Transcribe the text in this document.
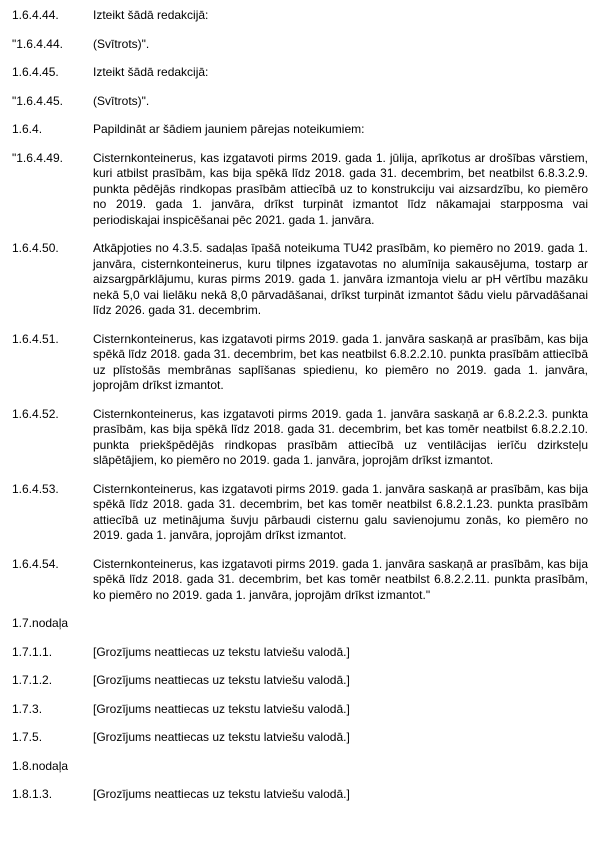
1.6.4.44.	Izteikt šādā redakcijā:
"1.6.4.44.	(Svītrots)".
1.6.4.45.	Izteikt šādā redakcijā:
"1.6.4.45.	(Svītrots)".
1.6.4.	Papildināt ar šādiem jauniem pārejas noteikumiem:
"1.6.4.49.	Cisternkonteinerus, kas izgatavoti pirms 2019. gada 1. jūlija, aprīkotus ar drošības vārstiem, kuri atbilst prasībām, kas bija spēkā līdz 2018. gada 31. decembrim, bet neatbilst 6.8.3.2.9. punkta pēdējās rindkopas prasībām attiecībā uz to konstrukciju vai aizsardzību, ko piemēro no 2019. gada 1. janvāra, drīkst turpināt izmantot līdz nākamajai starpposma vai periodiskajai inspicēšanai pēc 2021. gada 1. janvāra.
1.6.4.50.	Atkāpjoties no 4.3.5. sadaļas īpašā noteikuma TU42 prasībām, ko piemēro no 2019. gada 1. janvāra, cisternkonteinerus, kuru tilpnes izgatavotas no alumīnija sakausējuma, tostarp ar aizsargpārklājumu, kuras pirms 2019. gada 1. janvāra izmantoja vielu ar pH vērtību mazāku nekā 5,0 vai lielāku nekā 8,0 pārvadāšanai, drīkst turpināt izmantot šādu vielu pārvadāšanai līdz 2026. gada 31. decembrim.
1.6.4.51.	Cisternkonteinerus, kas izgatavoti pirms 2019. gada 1. janvāra saskaņā ar prasībām, kas bija spēkā līdz 2018. gada 31. decembrim, bet kas neatbilst 6.8.2.2.10. punkta prasībām attiecībā uz plīstošās membrānas saplīšanas spiedienu, ko piemēro no 2019. gada 1. janvāra, joprojām drīkst izmantot.
1.6.4.52.	Cisternkonteinerus, kas izgatavoti pirms 2019. gada 1. janvāra saskaņā ar 6.8.2.2.3. punkta prasībām, kas bija spēkā līdz 2018. gada 31. decembrim, bet kas tomēr neatbilst 6.8.2.2.10. punkta priekšpēdējās rindkopas prasībām attiecībā uz ventilācijas ierīču dzirksteļu slāpētājiem, ko piemēro no 2019. gada 1. janvāra, joprojām drīkst izmantot.
1.6.4.53.	Cisternkonteinerus, kas izgatavoti pirms 2019. gada 1. janvāra saskaņā ar prasībām, kas bija spēkā līdz 2018. gada 31. decembrim, bet kas tomēr neatbilst 6.8.2.1.23. punkta prasībām attiecībā uz metinājuma šuvju pārbaudi cisternu galu savienojumu zonās, ko piemēro no 2019. gada 1. janvāra, joprojām drīkst izmantot.
1.6.4.54.	Cisternkonteinerus, kas izgatavoti pirms 2019. gada 1. janvāra saskaņā ar prasībām, kas bija spēkā līdz 2018. gada 31. decembrim, bet kas tomēr neatbilst 6.8.2.2.11. punkta prasībām, ko piemēro no 2019. gada 1. janvāra, joprojām drīkst izmantot."
1.7.nodaļa
1.7.1.1.	[Grozījums neattiecas uz tekstu latviešu valodā.]
1.7.1.2.	[Grozījums neattiecas uz tekstu latviešu valodā.]
1.7.3.	[Grozījums neattiecas uz tekstu latviešu valodā.]
1.7.5.	[Grozījums neattiecas uz tekstu latviešu valodā.]
1.8.nodaļa
1.8.1.3.	[Grozījums neattiecas uz tekstu latviešu valodā.]
